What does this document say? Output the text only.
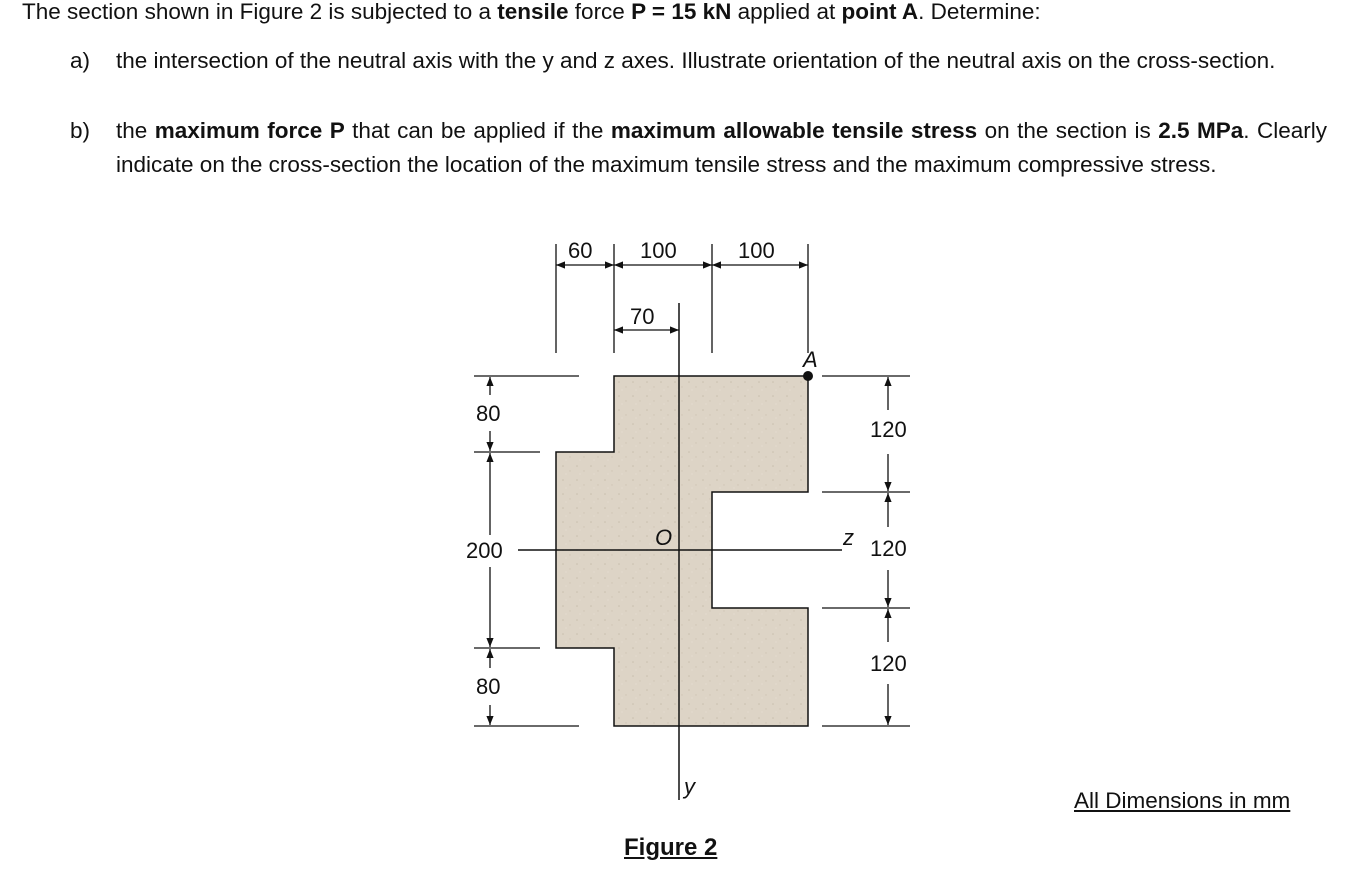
The section shown in Figure 2 is subjected to a tensile force P = 15 kN applied at point A. Determine:
a) the intersection of the neutral axis with the y and z axes. Illustrate orientation of the neutral axis on the cross-section.
b) the maximum force P that can be applied if the maximum allowable tensile stress on the section is 2.5 MPa. Clearly indicate on the cross-section the location of the maximum tensile stress and the maximum compressive stress.
A
O	z
y
60 100	100
70
80
200
80
120
120
120
Figure 2
All Dimensions in mm
